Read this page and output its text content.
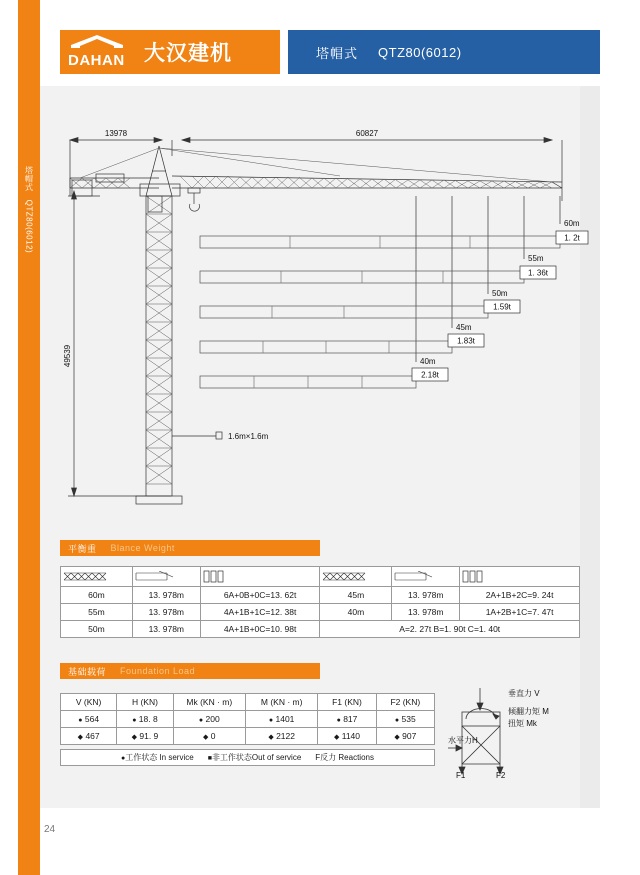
塔帽式   QTZ80(6012)
DAHAN 大汉建机	塔帽式 QTZ80(6012)
13978	60827
49539
1.6m×1.6m
60m
55m
50m
45m
40m
1. 2t
1. 36t
1.59t
1.83t
2.18t
平衡重 Blance Weight

60m	13. 978m	6A+0B+0C=13. 62t	45m	13. 978m	2A+1B+2C=9. 24t
55m	13. 978m	4A+1B+1C=12. 38t	40m	13. 978m	1A+2B+1C=7. 47t
50m	13. 978m	4A+1B+0C=10. 98t	A=2. 27t B=1. 90t C=1. 40t		
基础载荷 Foundation Load
V (KN)	H (KN)	Mk (KN · m)	M (KN · m)	F1 (KN)	F2 (KN)
● 564	● 18. 8	● 200	● 1401	● 817	● 535
◆ 467	◆ 91. 9	◆ 0	◆ 2122	◆ 1140	◆ 907
●工作状态 In service ■非工作状态Out of service F反力 Reactions
垂直力 V
倾翻力矩 M
扭矩 Mk
水平力H
F1	F2
24
